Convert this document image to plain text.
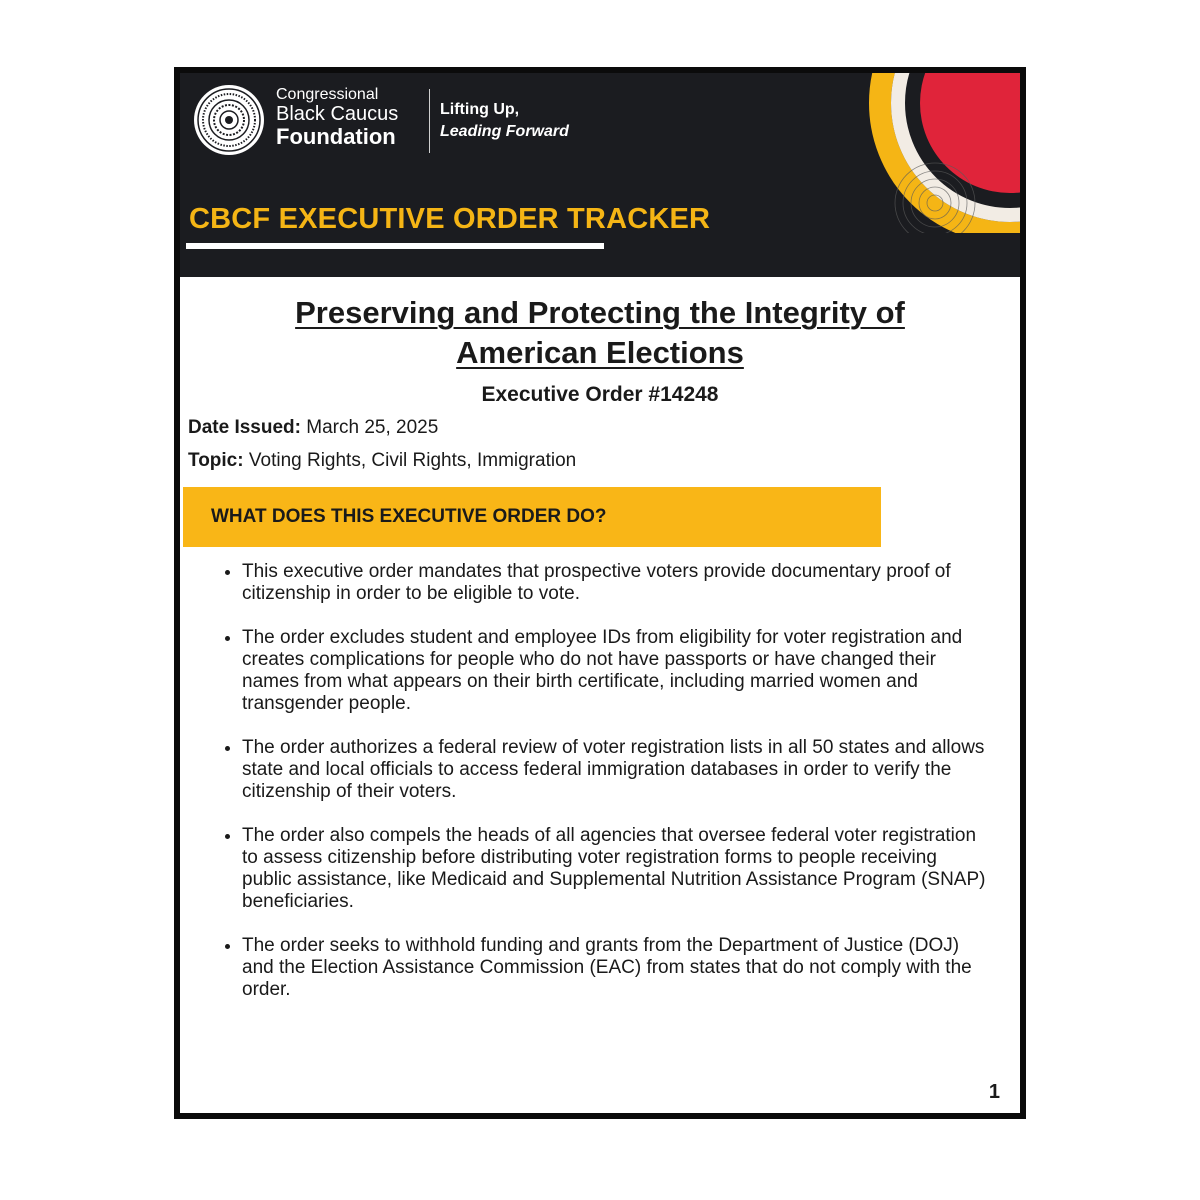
Congressional
Black Caucus
Foundation
Lifting Up,
Leading Forward
CBCF EXECUTIVE ORDER TRACKER
Preserving and Protecting the Integrity of
American Elections
Executive Order #14248
Date Issued: March 25, 2025
Topic: Voting Rights, Civil Rights, Immigration
WHAT DOES THIS EXECUTIVE ORDER DO?
• This executive order mandates that prospective voters provide documentary proof of citizenship in order to be eligible to vote.
• The order excludes student and employee IDs from eligibility for voter registration and creates complications for people who do not have passports or have changed their names from what appears on their birth certificate, including married women and transgender people.
• The order authorizes a federal review of voter registration lists in all 50 states and allows state and local officials to access federal immigration databases in order to verify the citizenship of their voters.
• The order also compels the heads of all agencies that oversee federal voter registration to assess citizenship before distributing voter registration forms to people receiving public assistance, like Medicaid and Supplemental Nutrition Assistance Program (SNAP) beneficiaries.
• The order seeks to withhold funding and grants from the Department of Justice (DOJ) and the Election Assistance Commission (EAC) from states that do not comply with the order.
1
